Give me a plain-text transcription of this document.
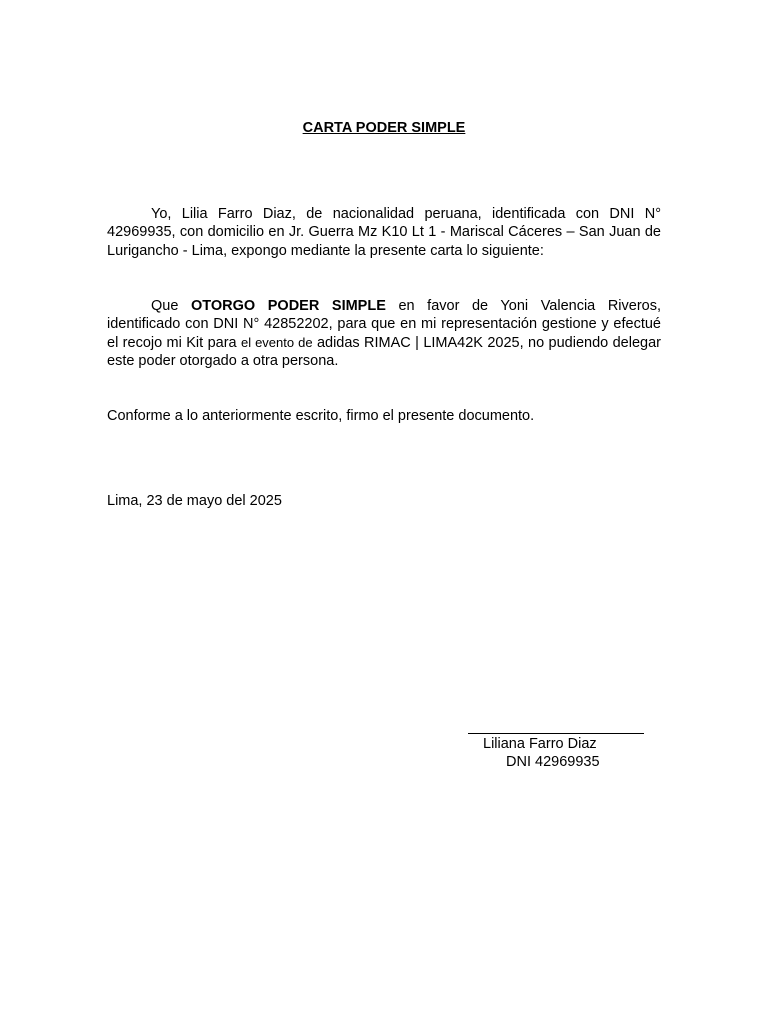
CARTA PODER SIMPLE

Yo, Lilia Farro Diaz, de nacionalidad peruana, identificada con DNI N° 42969935, con domicilio en Jr. Guerra Mz K10 Lt 1 - Mariscal Cáceres – San Juan de Lurigancho - Lima, expongo mediante la presente carta lo siguiente:

Que OTORGO PODER SIMPLE en favor de Yoni Valencia Riveros, identificado con DNI N° 42852202, para que en mi representación gestione y efectué el recojo mi Kit para el evento de adidas RIMAC | LIMA42K 2025, no pudiendo delegar este poder otorgado a otra persona.

Conforme a lo anteriormente escrito, firmo el presente documento.

Lima, 23 de mayo del 2025

Liliana Farro Diaz

DNI 42969935
